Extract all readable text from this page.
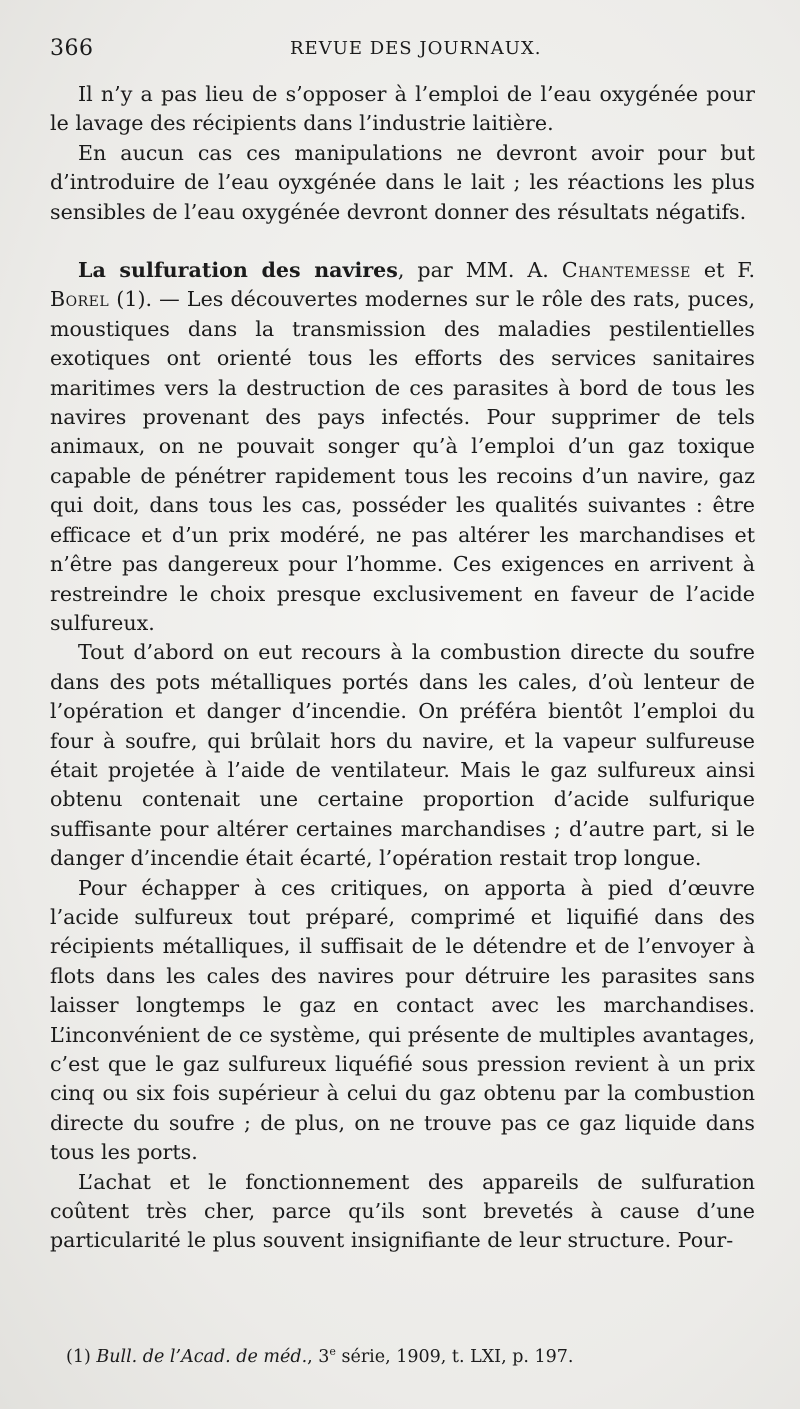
366	REVUE DES JOURNAUX.

Il n’y a pas lieu de s’opposer à l’emploi de l’eau oxygénée pour le lavage des récipients dans l’industrie laitière.

En aucun cas ces manipulations ne devront avoir pour but d’introduire de l’eau oyxgénée dans le lait ; les réactions les plus sensibles de l’eau oxygénée devront donner des résultats négatifs.

La sulfuration des navires, par MM. A. Chantemesse et F. Borel (1). — Les découvertes modernes sur le rôle des rats, puces, moustiques dans la transmission des maladies pestilentielles exotiques ont orienté tous les efforts des services sanitaires maritimes vers la destruction de ces parasites à bord de tous les navires provenant des pays infectés. Pour supprimer de tels animaux, on ne pouvait songer qu’à l’emploi d’un gaz toxique capable de pénétrer rapidement tous les recoins d’un navire, gaz qui doit, dans tous les cas, posséder les qualités suivantes : être efficace et d’un prix modéré, ne pas altérer les marchandises et n’être pas dangereux pour l’homme. Ces exigences en arrivent à restreindre le choix presque exclusivement en faveur de l’acide sulfureux.

Tout d’abord on eut recours à la combustion directe du soufre dans des pots métalliques portés dans les cales, d’où lenteur de l’opération et danger d’incendie. On préféra bientôt l’emploi du four à soufre, qui brûlait hors du navire, et la vapeur sulfureuse était projetée à l’aide de ventilateur. Mais le gaz sulfureux ainsi obtenu contenait une certaine proportion d’acide sulfurique suffisante pour altérer certaines marchandises ; d’autre part, si le danger d’incendie était écarté, l’opération restait trop longue.

Pour échapper à ces critiques, on apporta à pied d’œuvre l’acide sulfureux tout préparé, comprimé et liquifié dans des récipients métalliques, il suffisait de le détendre et de l’envoyer à flots dans les cales des navires pour détruire les parasites sans laisser longtemps le gaz en contact avec les marchandises. L’inconvénient de ce système, qui présente de multiples avantages, c’est que le gaz sulfureux liquéfié sous pression revient à un prix cinq ou six fois supérieur à celui du gaz obtenu par la combustion directe du soufre ; de plus, on ne trouve pas ce gaz liquide dans tous les ports.

L’achat et le fonctionnement des appareils de sulfuration coûtent très cher, parce qu’ils sont brevetés à cause d’une particularité le plus souvent insignifiante de leur structure. Pour-

(1) Bull. de l’Acad. de méd., 3e série, 1909, t. LXI, p. 197.
